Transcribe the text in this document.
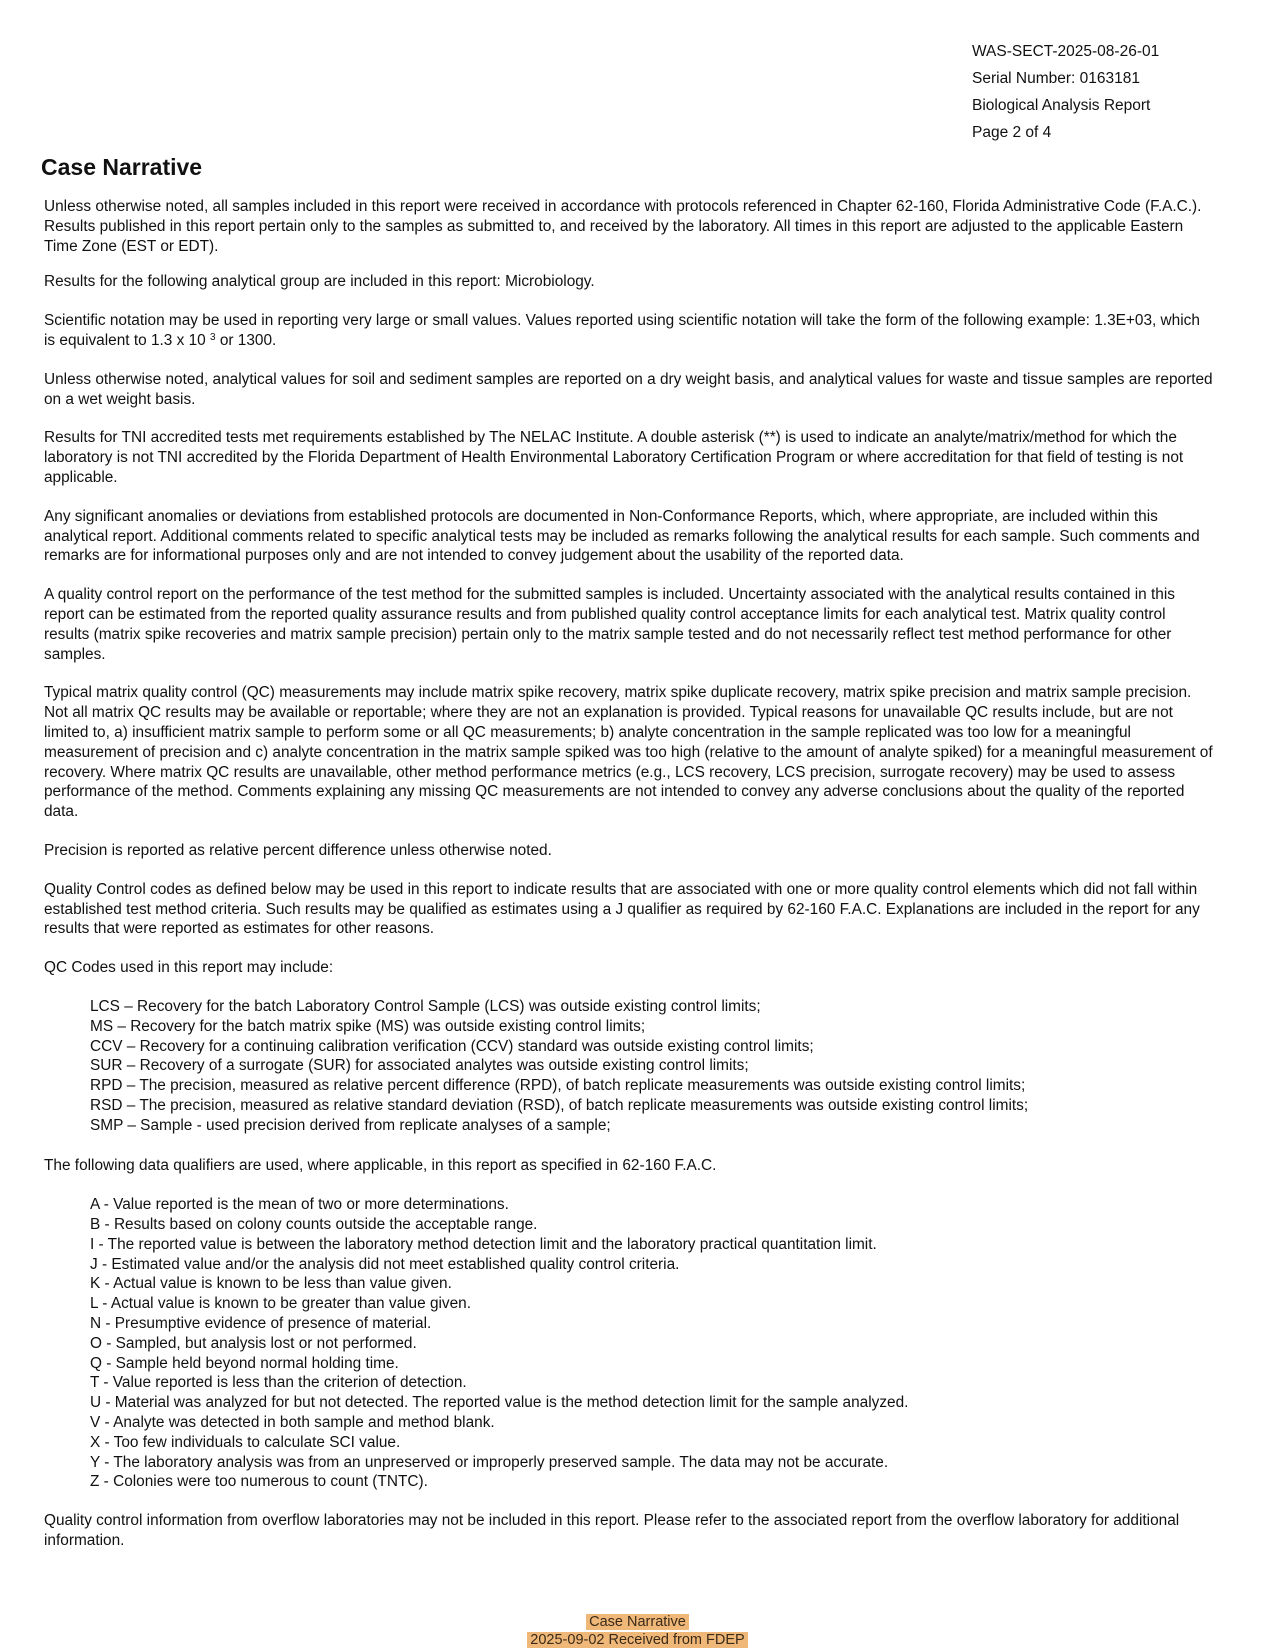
WAS-SECT-2025-08-26-01
Serial Number: 0163181
Biological Analysis Report
Page 2 of 4
Case Narrative

Unless otherwise noted, all samples included in this report were received in accordance with protocols referenced in Chapter 62-160, Florida Administrative Code (F.A.C.). Results published in this report pertain only to the samples as submitted to, and received by the laboratory. All times in this report are adjusted to the applicable Eastern Time Zone (EST or EDT).

Results for the following analytical group are included in this report: Microbiology.

Scientific notation may be used in reporting very large or small values. Values reported using scientific notation will take the form of the following example: 1.3E+03, which is equivalent to 1.3 x 10 $^3$ or 1300.

Unless otherwise noted, analytical values for soil and sediment samples are reported on a dry weight basis, and analytical values for waste and tissue samples are reported on a wet weight basis.

Results for TNI accredited tests met requirements established by The NELAC Institute. A double asterisk (**) is used to indicate an analyte/matrix/method for which the laboratory is not TNI accredited by the Florida Department of Health Environmental Laboratory Certification Program or where accreditation for that field of testing is not applicable.

Any significant anomalies or deviations from established protocols are documented in Non-Conformance Reports, which, where appropriate, are included within this analytical report. Additional comments related to specific analytical tests may be included as remarks following the analytical results for each sample. Such comments and remarks are for informational purposes only and are not intended to convey judgement about the usability of the reported data.

A quality control report on the performance of the test method for the submitted samples is included. Uncertainty associated with the analytical results contained in this report can be estimated from the reported quality assurance results and from published quality control acceptance limits for each analytical test. Matrix quality control results (matrix spike recoveries and matrix sample precision) pertain only to the matrix sample tested and do not necessarily reflect test method performance for other samples.

Typical matrix quality control (QC) measurements may include matrix spike recovery, matrix spike duplicate recovery, matrix spike precision and matrix sample precision. Not all matrix QC results may be available or reportable; where they are not an explanation is provided. Typical reasons for unavailable QC results include, but are not limited to, a) insufficient matrix sample to perform some or all QC measurements; b) analyte concentration in the sample replicated was too low for a meaningful measurement of precision and c) analyte concentration in the matrix sample spiked was too high (relative to the amount of analyte spiked) for a meaningful measurement of recovery. Where matrix QC results are unavailable, other method performance metrics (e.g., LCS recovery, LCS precision, surrogate recovery) may be used to assess performance of the method. Comments explaining any missing QC measurements are not intended to convey any adverse conclusions about the quality of the reported data.

Precision is reported as relative percent difference unless otherwise noted.

Quality Control codes as defined below may be used in this report to indicate results that are associated with one or more quality control elements which did not fall within established test method criteria. Such results may be qualified as estimates using a J qualifier as required by 62-160 F.A.C. Explanations are included in the report for any results that were reported as estimates for other reasons.

QC Codes used in this report may include:

LCS – Recovery for the batch Laboratory Control Sample (LCS) was outside existing control limits;
MS – Recovery for the batch matrix spike (MS) was outside existing control limits;
CCV – Recovery for a continuing calibration verification (CCV) standard was outside existing control limits;
SUR – Recovery of a surrogate (SUR) for associated analytes was outside existing control limits;
RPD – The precision, measured as relative percent difference (RPD), of batch replicate measurements was outside existing control limits;
RSD – The precision, measured as relative standard deviation (RSD), of batch replicate measurements was outside existing control limits;
SMP – Sample - used precision derived from replicate analyses of a sample;

The following data qualifiers are used, where applicable, in this report as specified in 62-160 F.A.C.

A - Value reported is the mean of two or more determinations.
B - Results based on colony counts outside the acceptable range.
I - The reported value is between the laboratory method detection limit and the laboratory practical quantitation limit.
J - Estimated value and/or the analysis did not meet established quality control criteria.
K - Actual value is known to be less than value given.
L - Actual value is known to be greater than value given.
N - Presumptive evidence of presence of material.
O - Sampled, but analysis lost or not performed.
Q - Sample held beyond normal holding time.
T - Value reported is less than the criterion of detection.
U - Material was analyzed for but not detected. The reported value is the method detection limit for the sample analyzed.
V - Analyte was detected in both sample and method blank.
X - Too few individuals to calculate SCI value.
Y - The laboratory analysis was from an unpreserved or improperly preserved sample. The data may not be accurate.
Z - Colonies were too numerous to count (TNTC).

Quality control information from overflow laboratories may not be included in this report. Please refer to the associated report from the overflow laboratory for additional information.

Case Narrative
2025-09-02 Received from FDEP
